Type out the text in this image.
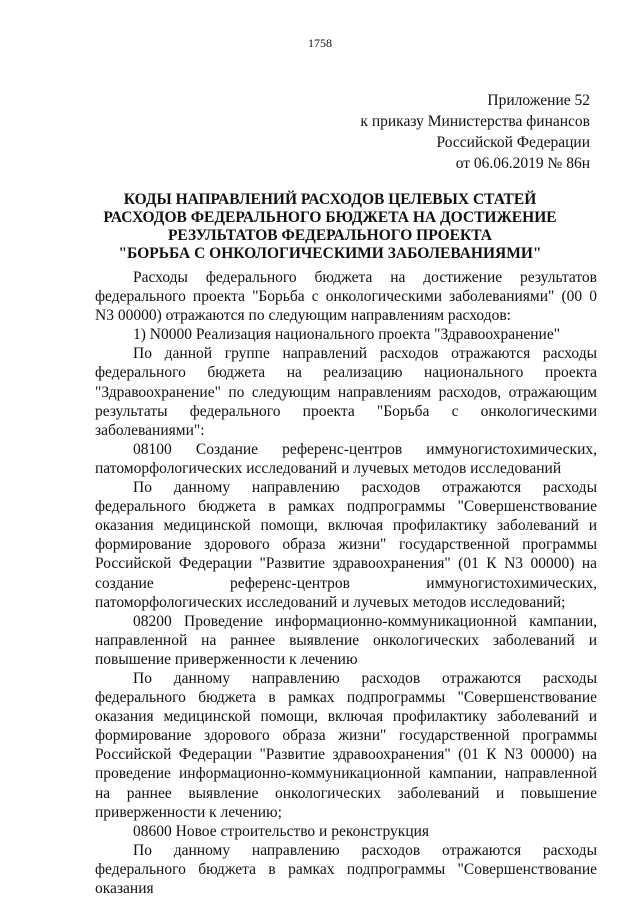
1758
Приложение 52
к приказу Министерства финансов
Российской Федерации
от 06.06.2019 № 86н
КОДЫ НАПРАВЛЕНИЙ РАСХОДОВ ЦЕЛЕВЫХ СТАТЕЙ
РАСХОДОВ ФЕДЕРАЛЬНОГО БЮДЖЕТА НА ДОСТИЖЕНИЕ
РЕЗУЛЬТАТОВ ФЕДЕРАЛЬНОГО ПРОЕКТА
"БОРЬБА С ОНКОЛОГИЧЕСКИМИ ЗАБОЛЕВАНИЯМИ"

Расходы федерального бюджета на достижение результатов федерального проекта "Борьба с онкологическими заболеваниями" (00 0 N3 00000) отражаются по следующим направлениям расходов:

1) N0000 Реализация национального проекта "Здравоохранение"

По данной группе направлений расходов отражаются расходы федерального бюджета на реализацию национального проекта "Здравоохранение" по следующим направлениям расходов, отражающим результаты федерального проекта "Борьба с онкологическими заболеваниями":

08100 Создание референс-центров иммуногистохимических, патоморфологических исследований и лучевых методов исследований

По данному направлению расходов отражаются расходы федерального бюджета в рамках подпрограммы "Совершенствование оказания медицинской помощи, включая профилактику заболеваний и формирование здорового образа жизни" государственной программы Российской Федерации "Развитие здравоохранения" (01 К N3 00000) на создание референс-центров иммуногистохимических, патоморфологических исследований и лучевых методов исследований;

08200 Проведение информационно-коммуникационной кампании, направленной на раннее выявление онкологических заболеваний и повышение приверженности к лечению

По данному направлению расходов отражаются расходы федерального бюджета в рамках подпрограммы "Совершенствование оказания медицинской помощи, включая профилактику заболеваний и формирование здорового образа жизни" государственной программы Российской Федерации "Развитие здравоохранения" (01 К N3 00000) на проведение информационно-коммуникационной кампании, направленной на раннее выявление онкологических заболеваний и повышение приверженности к лечению;

08600 Новое строительство и реконструкция

По данному направлению расходов отражаются расходы федерального бюджета в рамках подпрограммы "Совершенствование оказания
